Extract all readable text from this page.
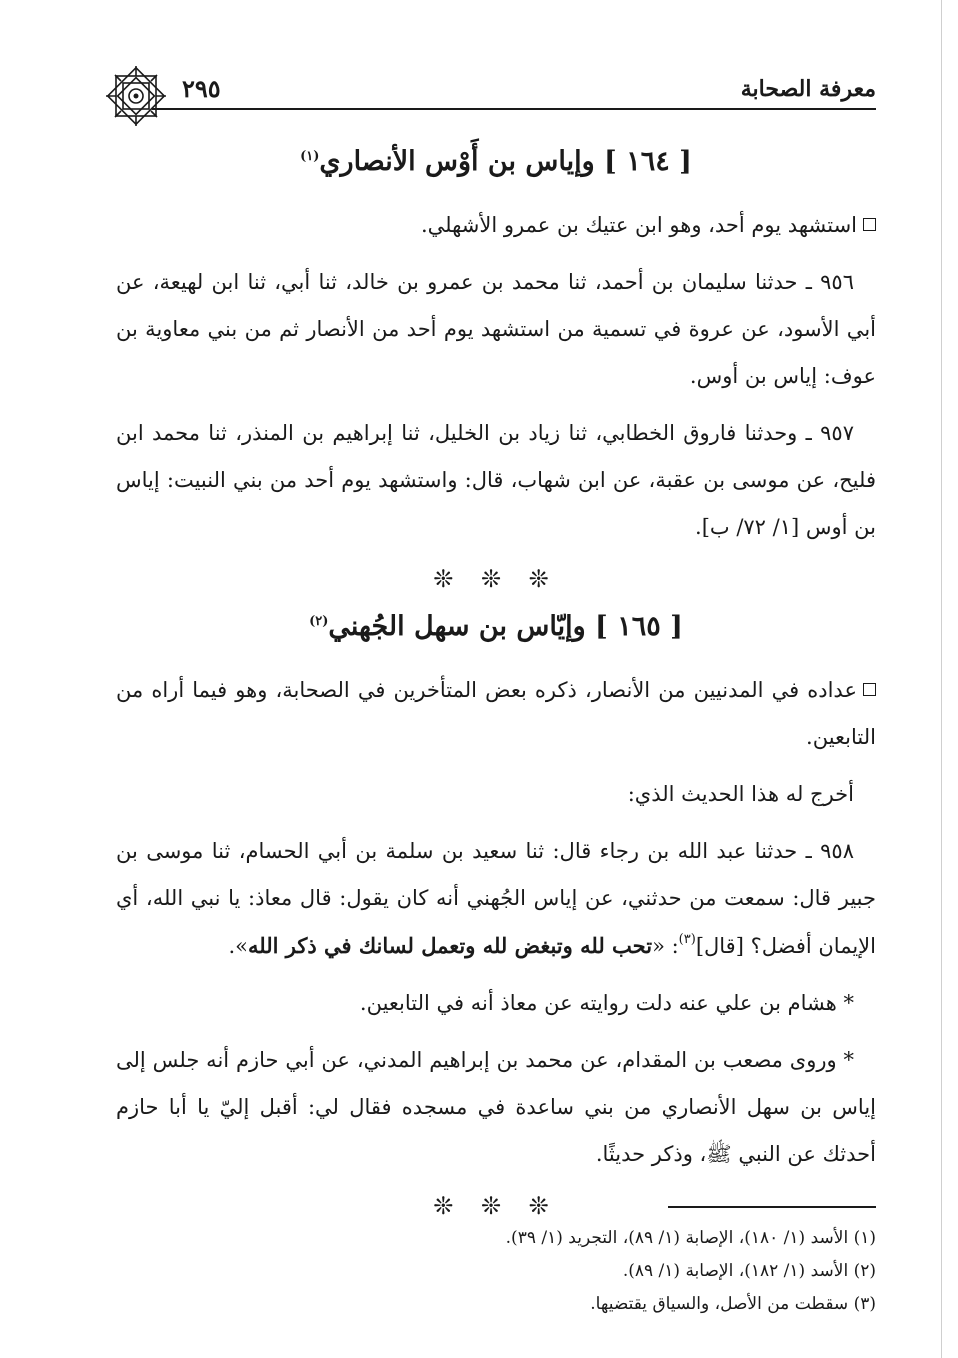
معرفة الصحابة
٢٩٥
[ ١٦٤ ] وإياس بن أَوْس الأنصاري$^{(١)}$
استشهد يوم أحد، وهو ابن عتيك بن عمرو الأشهلي.
٩٥٦ ـ حدثنا سليمان بن أحمد، ثنا محمد بن عمرو بن خالد، ثنا أبي، ثنا ابن لهيعة، عن أبي الأسود، عن عروة في تسمية من استشهد يوم أحد من الأنصار ثم من بني معاوية بن عوف: إياس بن أوس.
٩٥٧ ـ وحدثنا فاروق الخطابي، ثنا زياد بن الخليل، ثنا إبراهيم بن المنذر، ثنا محمد ابن فليح، عن موسى بن عقبة، عن ابن شهاب، قال: واستشهد يوم أحد من بني النبيت: إياس بن أوس [١/ ٧٢/ ب].
❊ ❊ ❊
[ ١٦٥ ] وإيّاس بن سهل الجُهني$^{(٢)}$
عداده في المدنيين من الأنصار، ذكره بعض المتأخرين في الصحابة، وهو فيما أراه من التابعين.
أخرج له هذا الحديث الذي:
٩٥٨ ـ حدثنا عبد الله بن رجاء قال: ثنا سعيد بن سلمة بن أبي الحسام، ثنا موسى بن جبير قال: سمعت من حدثني، عن إياس الجُهني أنه كان يقول: قال معاذ: يا نبي الله، أي الإيمان أفضل؟ [قال]$^{(٣)}$: «تحب لله وتبغض لله وتعمل لسانك في ذكر الله».
* هشام بن علي عنه دلت روايته عن معاذ أنه في التابعين.
* وروى مصعب بن المقدام، عن محمد بن إبراهيم المدني، عن أبي حازم أنه جلس إلى إياس بن سهل الأنصاري من بني ساعدة في مسجده فقال لي: أقبل إليّ يا أبا حازم أحدثك عن النبي ﷺ، وذكر حديثًا.
❊ ❊ ❊
(١) الأسد (١/ ١٨٠)، الإصابة (١/ ٨٩)، التجريد (١/ ٣٩).
(٢) الأسد (١/ ١٨٢)، الإصابة (١/ ٨٩).
(٣) سقطت من الأصل، والسياق يقتضيها.
